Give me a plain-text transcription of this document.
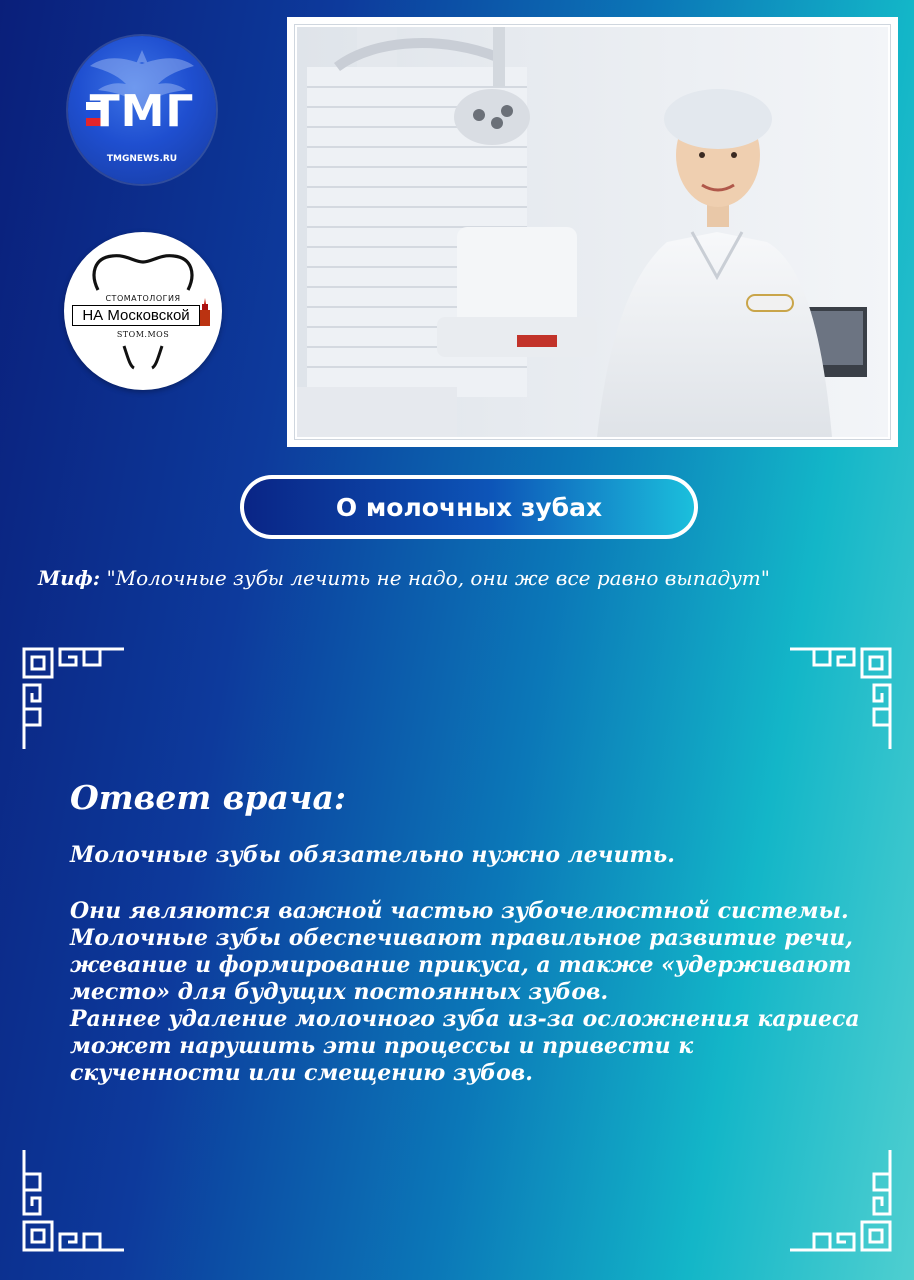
ТМГ
TMGNEWS.RU
СТОМАТОЛОГИЯ
НА Московской
STOM.MOS
О молочных зубах
Миф: "Молочные зубы лечить не надо, они же все равно выпадут"
Ответ врача:
Молочные зубы обязательно нужно лечить.

Они являются важной частью зубочелюстной системы. Молочные зубы обеспечивают правильное развитие речи, жевание и формирование прикуса, а также «удерживают место» для будущих постоянных зубов.

Раннее удаление молочного зуба из-за осложнения кариеса может нарушить эти процессы и привести к скученности или смещению зубов.
